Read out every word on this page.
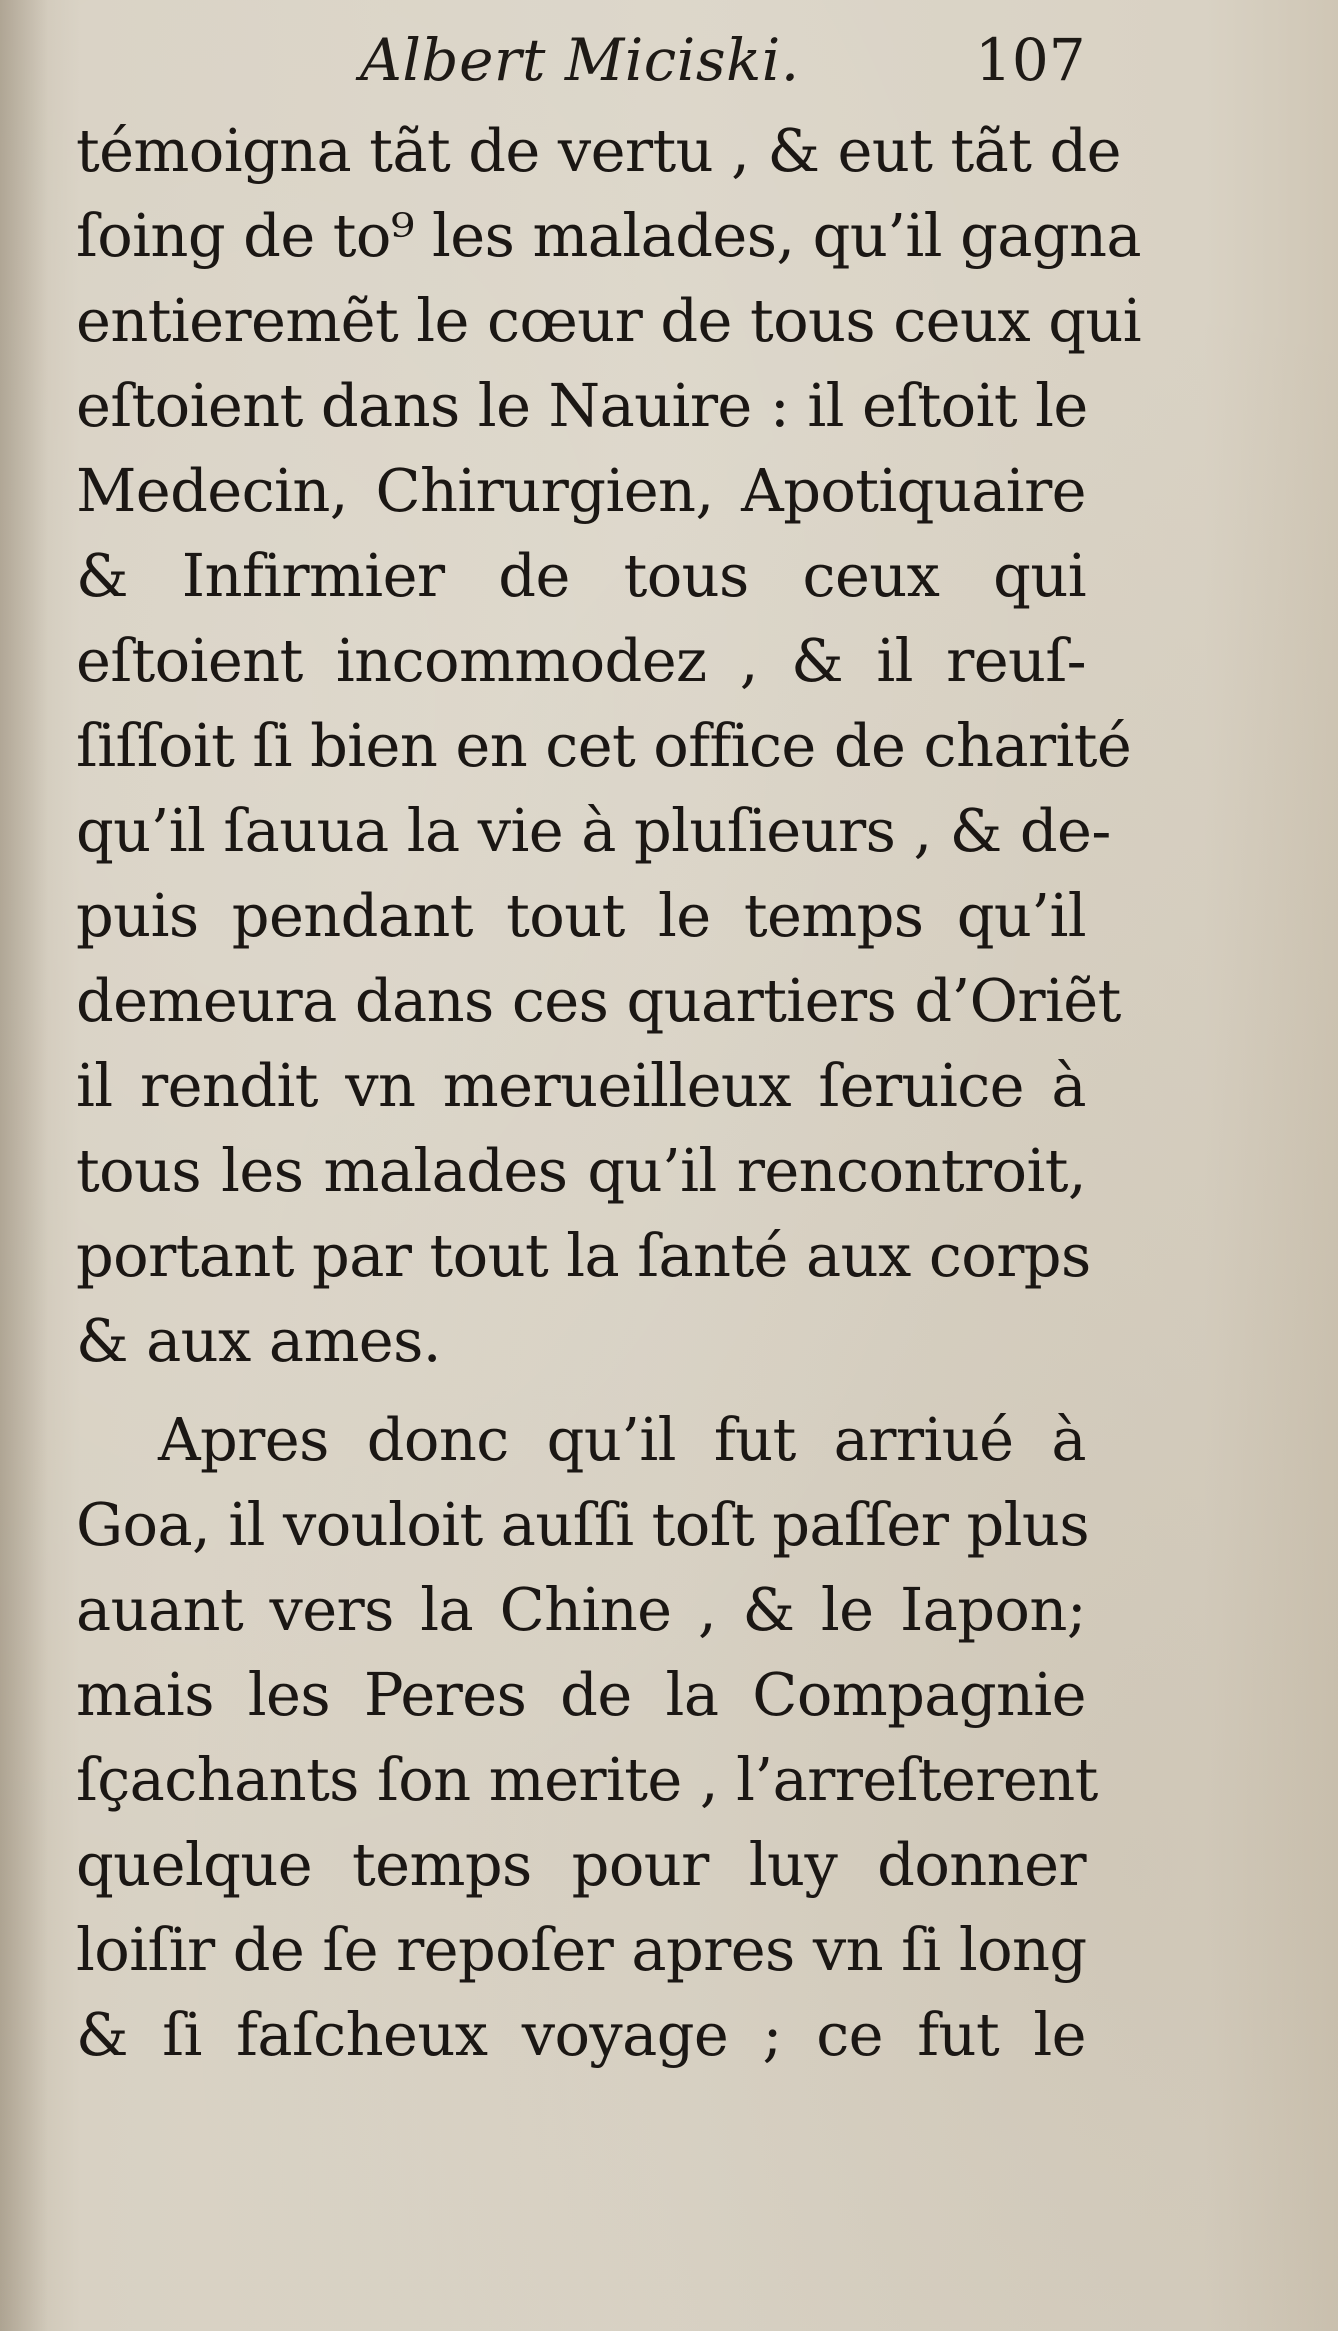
Albert Miciski.	107
témoigna tãt de vertu , & eut tãt de
ſoing de to⁹ les malades, qu’il gagna
entieremẽt le cœur de tous ceux qui
eſtoient dans le Nauire : il eſtoit le
Medecin, Chirurgien, Apotiquaire
& Infirmier de tous ceux qui
eſtoient incommodez , & il reuſ-
ſiſſoit ſi bien en cet office de charité
qu’il ſauua la vie à pluſieurs , & de-
puis pendant tout le temps qu’il
demeura dans ces quartiers d’Oriẽt
il rendit vn merueilleux ſeruice à
tous les malades qu’il rencontroit,
portant par tout la ſanté aux corps
& aux ames.
Apres donc qu’il fut arriué à
Goa, il vouloit auſſi toſt paſſer plus
auant vers la Chine , & le Iapon;
mais les Peres de la Compagnie
ſçachants ſon merite , l’arreſterent
quelque temps pour luy donner
loiſir de ſe repoſer apres vn ſi long
& ſi faſcheux voyage ; ce fut le
